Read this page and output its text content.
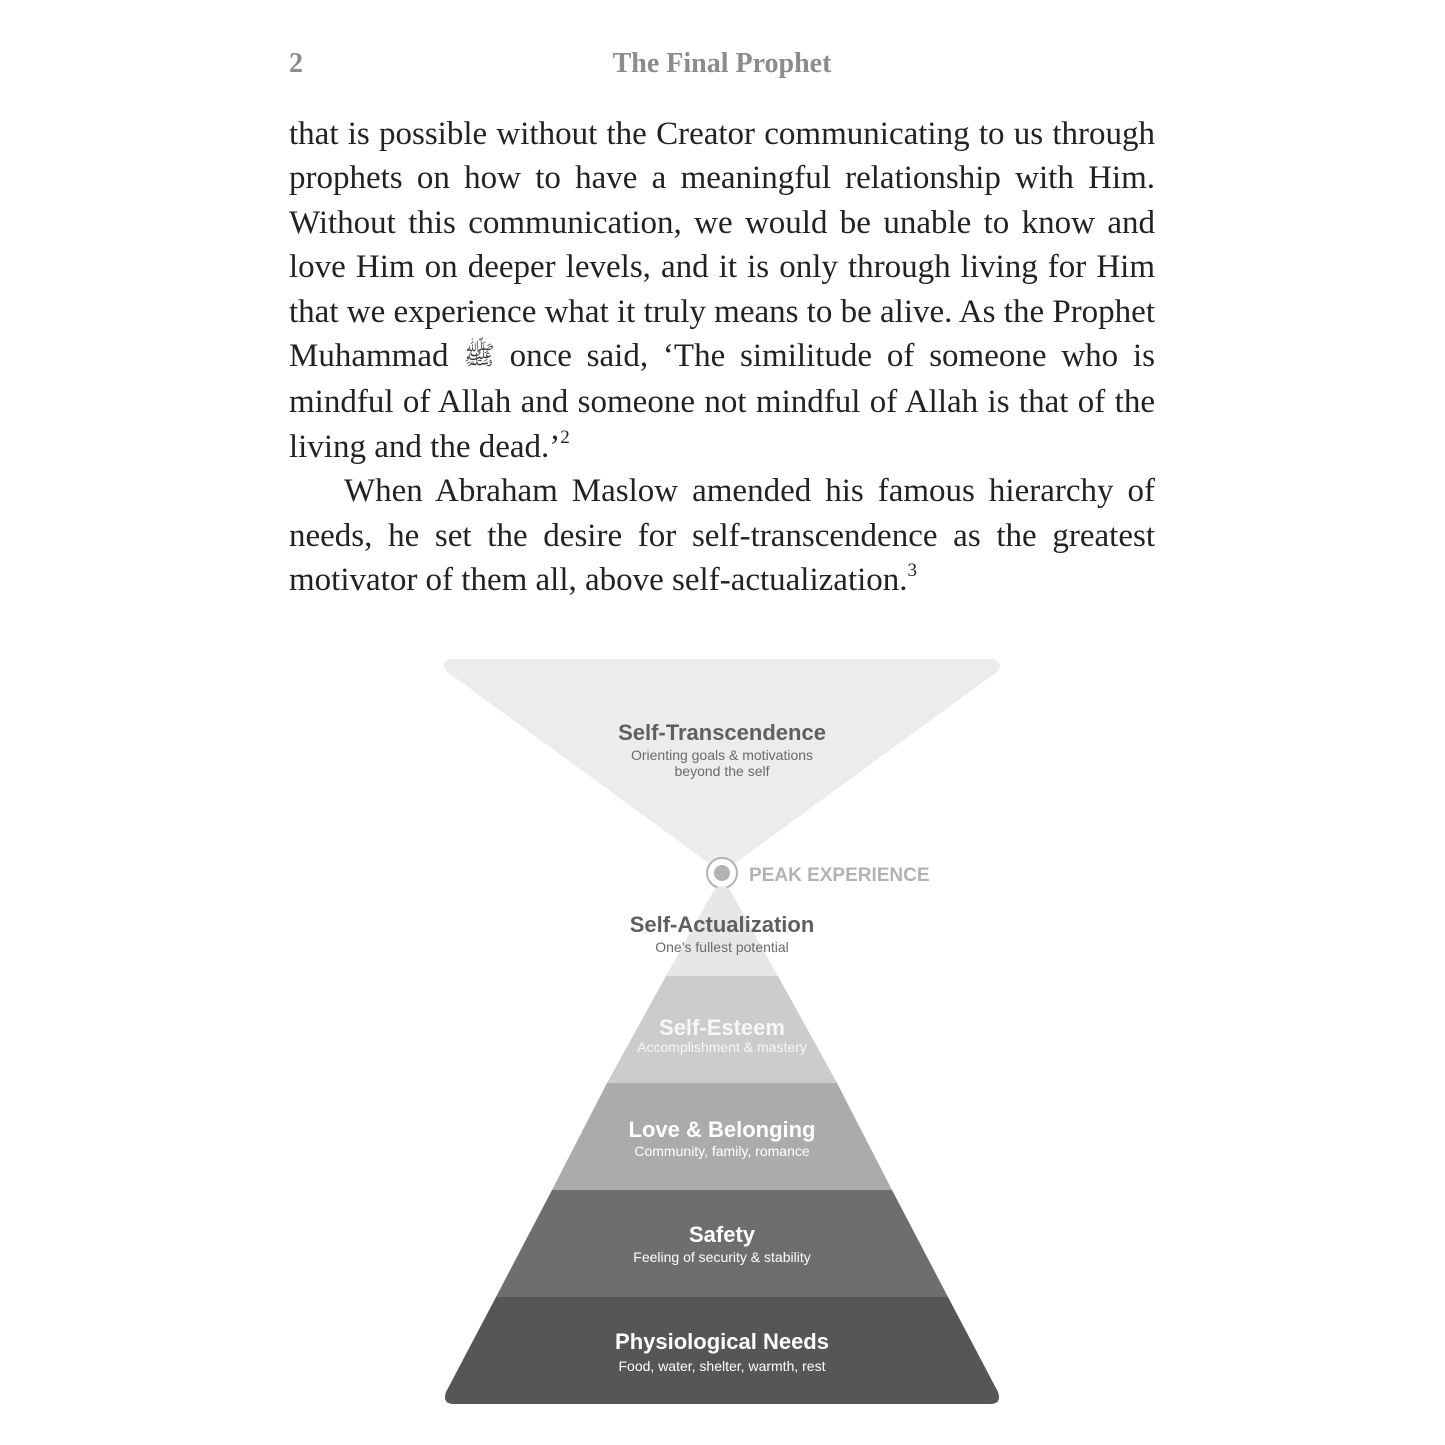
2	The Final Prophet

that is possible without the Creator communicating to us through prophets on how to have a meaningful relationship with Him. Without this communication, we would be unable to know and love Him on deeper levels, and it is only through living for Him that we experience what it truly means to be alive. As the Prophet Muhammad ﷺ once said, ‘The similitude of someone who is mindful of Allah and someone not mindful of Allah is that of the living and the dead.’$^2$

When Abraham Maslow amended his famous hierarchy of needs, he set the desire for self-transcendence as the greatest motivator of them all, above self-actualization.$^3$

Self-Transcendence
Orienting goals & motivations
beyond the self
PEAK EXPERIENCE
Self-Actualization
One’s fullest potential
Self-Esteem
Accomplishment & mastery
Love & Belonging
Community, family, romance
Safety
Feeling of security & stability
Physiological Needs
Food, water, shelter, warmth, rest
